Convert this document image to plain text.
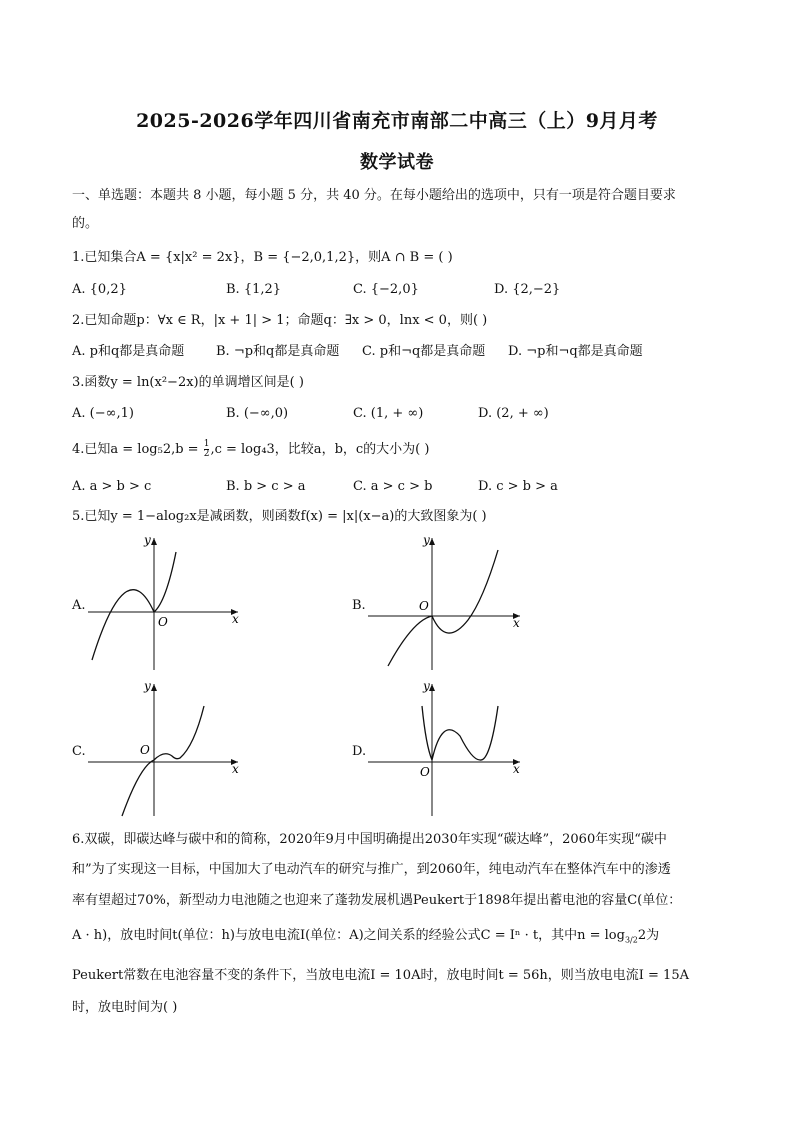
2025-2026学年四川省南充市南部二中高三（上）9月月考
数学试卷
一、单选题：本题共 8 小题，每小题 5 分，共 40 分。在每小题给出的选项中，只有一项是符合题目要求
的。
1.已知集合A = {x|x² = 2x}，B = {−2,0,1,2}，则A ∩ B = ( )
A. {0,2}	B. {1,2}	C. {−2,0}	D. {2,−2}
2.已知命题p：∀x ∈ R，|x + 1| > 1；命题q：∃x > 0，lnx < 0，则( )
A. p和q都是真命题 B. ¬p和q都是真命题 C. p和¬q都是真命题 D. ¬p和¬q都是真命题
3.函数y = ln(x²−2x)的单调增区间是( )
A. (−∞,1)	B. (−∞,0)	C. (1, + ∞)	D. (2, + ∞)
4.已知$a = \log_52,b = \frac{1}{2} ,c = \log_43$，比较a，b，c的大小为( )
A. a > b > c	B. b > c > a	C. a > c > b	D. c > b > a
5.已知y = 1−alog₂x是减函数，则函数f(x) = |x|(x−a)的大致图象为( )
A.
x
y
O
B.
x
y
O
C.
x
y
O	D.
x
y
O
6.双碳，即碳达峰与碳中和的简称，2020年9月中国明确提出2030年实现“碳达峰”，2060年实现“碳中
和”为了实现这一目标，中国加大了电动汽车的研究与推广，到2060年，纯电动汽车在整体汽车中的渗透
率有望超过70%，新型动力电池随之也迎来了蓬勃发展机遇Peukert于1898年提出蓄电池的容量C(单位：
A · h)，放电时间t(单位：h)与放电电流I(单位：A)之间关系的经验公式C = Iⁿ · t，其中$n = \log_{3/2}2$为
Peukert常数在电池容量不变的条件下，当放电电流I = 10A时，放电时间t = 56h，则当放电电流I = 15A
时，放电时间为( )
